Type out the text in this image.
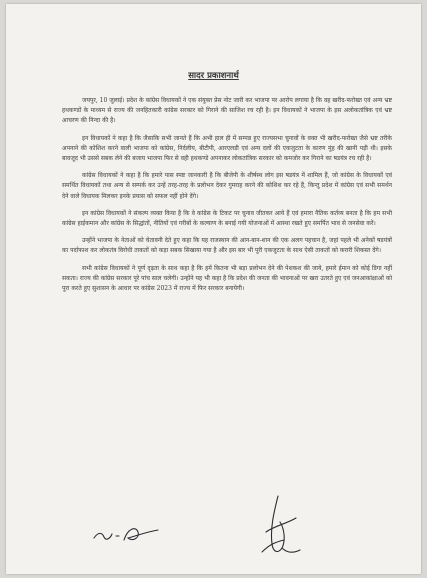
सादर प्रकाशनार्थ

जयपुर, 10 जुलाई। प्रदेश के कांग्रेस विधायकों ने एक संयुक्त प्रेस नोट जारी कर भाजपा पर आरोप लगाया है कि वह खरीद-फरोख्त एवं अन्य भ्रष्ट हथकण्डों के माध्यम से राज्य की जनहितकारी कांग्रेस सरकार को गिराने की साजिश रच रही है। इन विधायकों ने भाजपा के इस अलोकतांत्रिक एवं भ्रष्ट आचरण की निन्दा की है।

इन विधायकों ने कहा है कि जैसाकि सभी जानते हैं कि अभी हाल ही में सम्पन्न हुए राज्यसभा चुनावों के वक्त भी खरीद-फरोख्त जैसे भ्रष्ट तरीके अपनाने की कोशिश करने वाली भाजपा को कांग्रेस, निर्दलीय, बीटीपी, आरएलडी एवं अन्य दलों की एकजुटता के कारण मुंह की खानी पड़ी थी। इसके बावजूद भी उससे सबक लेने की बजाय भाजपा फिर से वही हथकण्डे अपनाकर लोकतांत्रिक सरकार को कमजोर कर गिराने का षडयंत्र रच रही है।

कांग्रेस विधायकों ने कहा है कि हमारे पास स्पष्ट जानकारी है कि बीजेपी के शीर्षस्थ लोग इस षडयंत्र में शामिल हैं, जो कांग्रेस के विधायकों एवं समर्थित विधायकों तथा अन्य से सम्पर्क कर उन्हें तरह-तरह के प्रलोभन देकर गुमराह करने की कोशिश कर रहे हैं, किन्तु प्रदेश में कांग्रेस एवं सभी समर्थन देने वाले विधायक मिलकर इनके प्रयास को सफल नहीं होने देंगे।

इन कांग्रेस विधायकों ने संकल्प व्यक्त किया है कि वे कांग्रेस के टिकट पर चुनाव जीतकर आये हैं एवं हमारा नैतिक कर्तव्य बनता है कि हम सभी कांग्रेस हाईकमान और कांग्रेस के सिद्धांतों, नीतियों एवं गरीबों के कल्याण के बनाई गयी योजनाओं में आस्था रखते हुए समर्पित भाव से जनसेवा करें।

उन्होंने भाजपा के नेताओं को चेतावनी देते हुए कहा कि यह राजस्थान की आन-बान-शान की एक अलग पहचान है, जहां पहले भी अनेकों षडयंत्रों का पर्दाफाश कर लोकतंत्र विरोधी ताकतों को कड़ा सबक सिखाया गया है और इस बार भी पूरी एकजुटता के साथ ऐसी ताकतों को करारी शिकस्त देंगे।

सभी कांग्रेस विधायकों ने पूर्ण दृढ़ता के साथ कहा है कि हमें कितना भी बड़ा प्रलोभन देने की पेशकश की जाये, हमारे ईमान को कोई डिगा नहीं सकता। राज्य की कांग्रेस सरकार पूरे पांच साल चलेगी। उन्होंने यह भी कहा है कि प्रदेश की जनता की भावनाओं पर खरा उतरते हुए एवं जनआकांक्षाओं को पूरा करते हुए सुशासन के आधार पर कांग्रेस 2023 में राज्य में फिर सरकार बनायेगी।
